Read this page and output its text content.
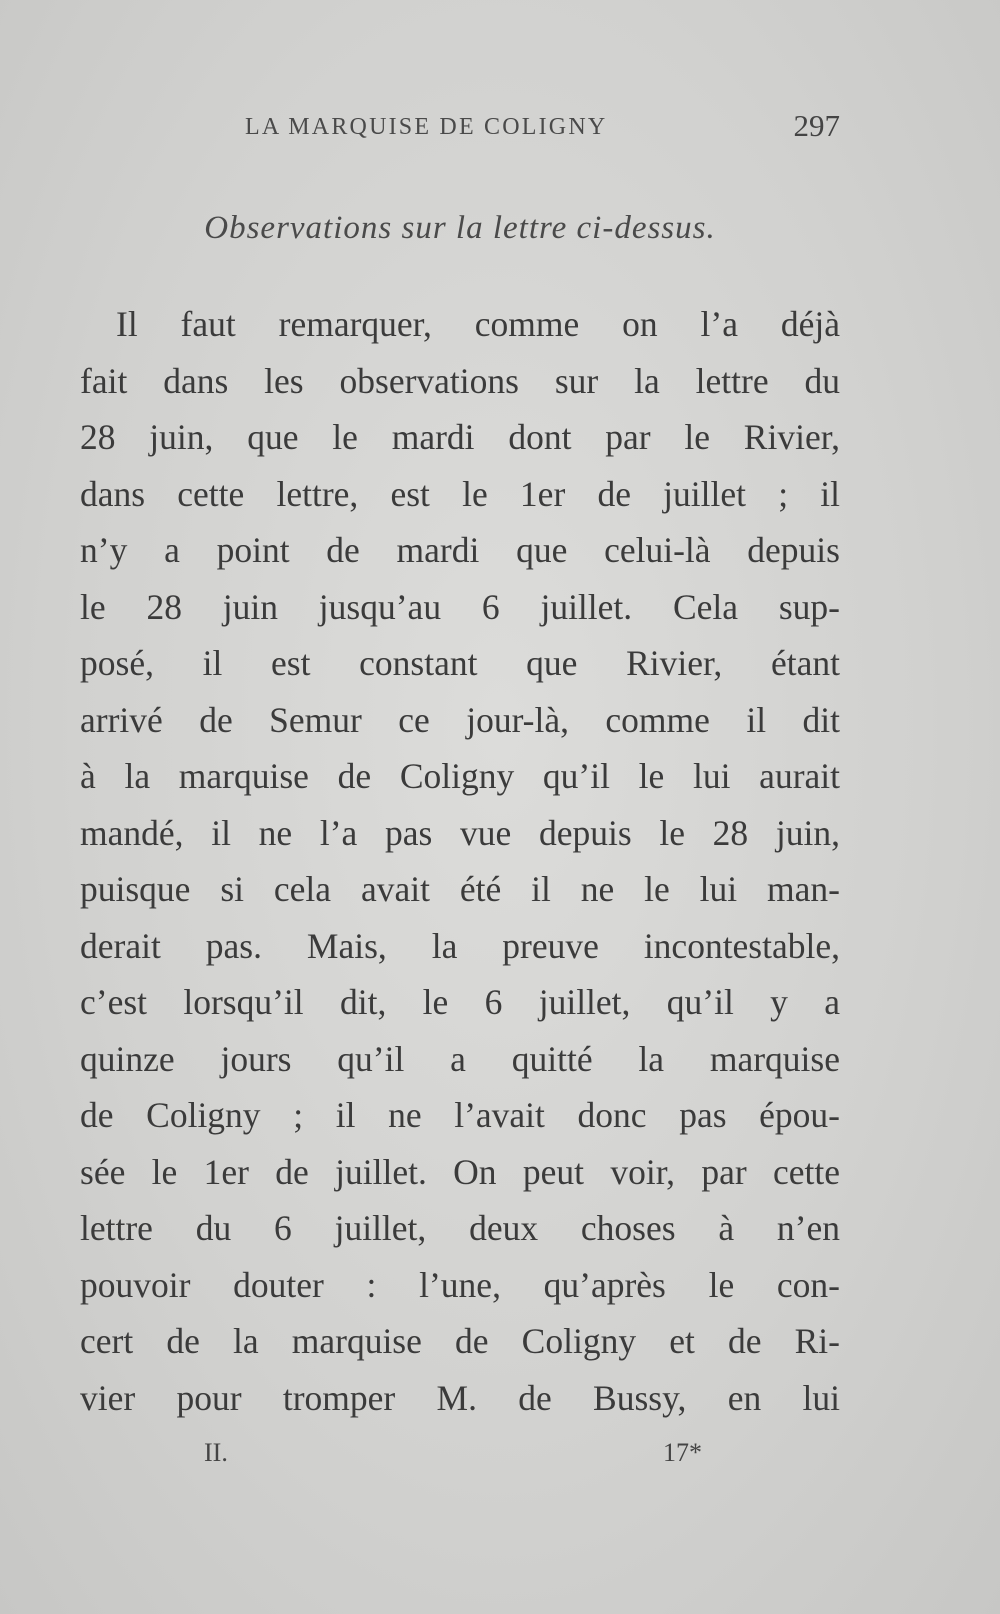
LA MARQUISE DE COLIGNY	297
Observations sur la lettre ci-dessus.
Il faut remarquer, comme on l’a déjà
fait dans les observations sur la lettre du
28 juin, que le mardi dont par le Rivier,
dans cette lettre, est le 1er de juillet ; il
n’y a point de mardi que celui-là depuis
le 28 juin jusqu’au 6 juillet. Cela sup-
posé, il est constant que Rivier, étant
arrivé de Semur ce jour-là, comme il dit
à la marquise de Coligny qu’il le lui aurait
mandé, il ne l’a pas vue depuis le 28 juin,
puisque si cela avait été il ne le lui man-
derait pas. Mais, la preuve incontestable,
c’est lorsqu’il dit, le 6 juillet, qu’il y a
quinze jours qu’il a quitté la marquise
de Coligny ; il ne l’avait donc pas épou-
sée le 1er de juillet. On peut voir, par cette
lettre du 6 juillet, deux choses à n’en
pouvoir douter : l’une, qu’après le con-
cert de la marquise de Coligny et de Ri-
vier pour tromper M. de Bussy, en lui
II.	17*
